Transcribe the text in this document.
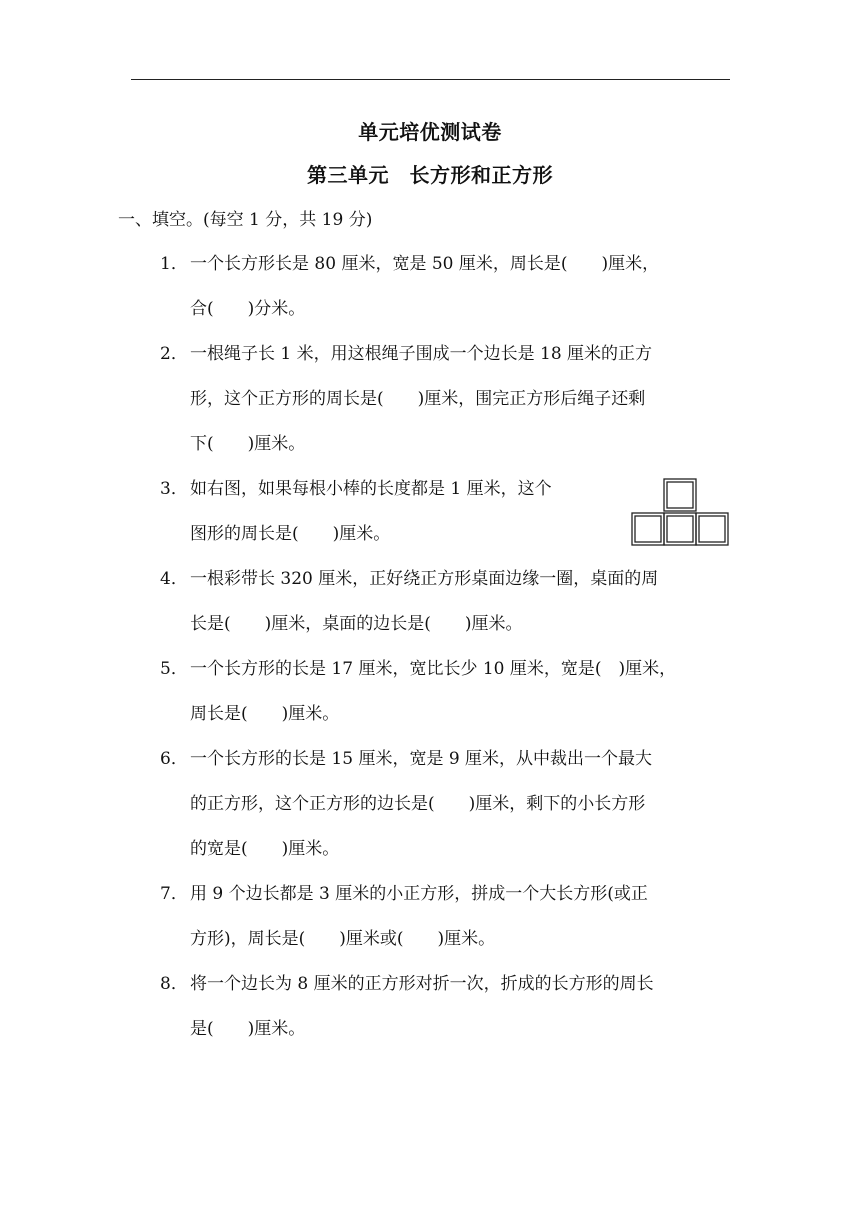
单元培优测试卷
第三单元　长方形和正方形
一、填空。(每空 1 分，共 19 分)
1． 一个长方形长是 80 厘米，宽是 50 厘米，周长是(　　)厘米，
合(　　)分米。
2． 一根绳子长 1 米，用这根绳子围成一个边长是 18 厘米的正方
形，这个正方形的周长是(　　)厘米，围完正方形后绳子还剩
下(　　)厘米。
3． 如右图，如果每根小棒的长度都是 1 厘米，这个
图形的周长是(　　)厘米。
4． 一根彩带长 320 厘米，正好绕正方形桌面边缘一圈，桌面的周
长是(　　)厘米，桌面的边长是(　　)厘米。
5． 一个长方形的长是 17 厘米，宽比长少 10 厘米，宽是(　)厘米，
周长是(　　)厘米。
6． 一个长方形的长是 15 厘米，宽是 9 厘米，从中裁出一个最大
的正方形，这个正方形的边长是(　　)厘米，剩下的小长方形
的宽是(　　)厘米。
7． 用 9 个边长都是 3 厘米的小正方形，拼成一个大长方形(或正
方形)，周长是(　　)厘米或(　　)厘米。
8． 将一个边长为 8 厘米的正方形对折一次，折成的长方形的周长
是(　　)厘米。
